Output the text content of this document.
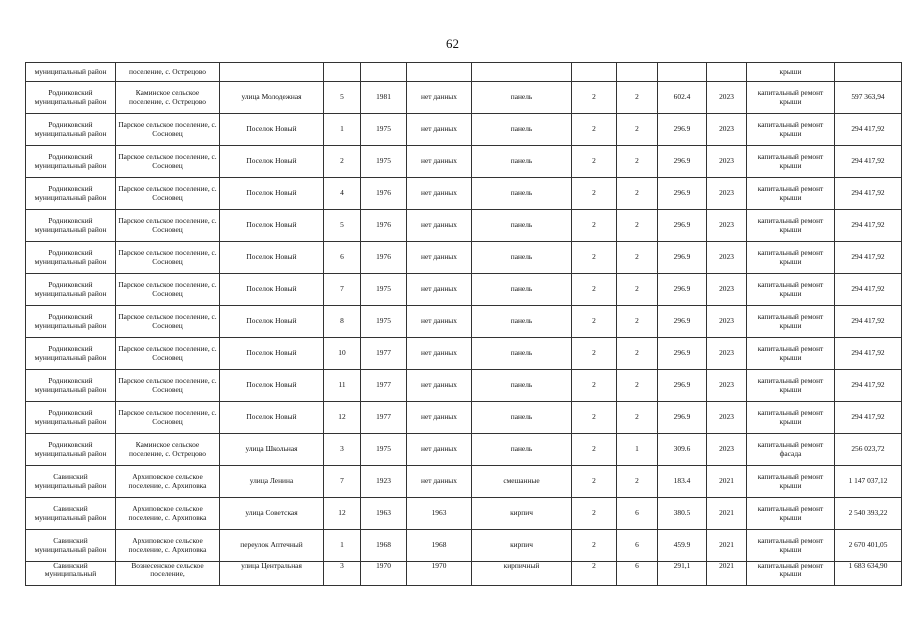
62
муниципальный район	поселение, с. Острецово										крыши	
Родниковский муниципальный район	Каминское сельское поселение, с. Острецово	улица Молодежная	5	1981	нет данных	панель	2	2	602.4	2023	капитальный ремонт крыши	597 363,94
Родниковский муниципальный район	Парское сельское поселение, с. Сосновец	Поселок Новый	1	1975	нет данных	панель	2	2	296.9	2023	капитальный ремонт крыши	294 417,92
Родниковский муниципальный район	Парское сельское поселение, с. Сосновец	Поселок Новый	2	1975	нет данных	панель	2	2	296.9	2023	капитальный ремонт крыши	294 417,92
Родниковский муниципальный район	Парское сельское поселение, с. Сосновец	Поселок Новый	4	1976	нет данных	панель	2	2	296.9	2023	капитальный ремонт крыши	294 417,92
Родниковский муниципальный район	Парское сельское поселение, с. Сосновец	Поселок Новый	5	1976	нет данных	панель	2	2	296.9	2023	капитальный ремонт крыши	294 417,92
Родниковский муниципальный район	Парское сельское поселение, с. Сосновец	Поселок Новый	6	1976	нет данных	панель	2	2	296.9	2023	капитальный ремонт крыши	294 417,92
Родниковский муниципальный район	Парское сельское поселение, с. Сосновец	Поселок Новый	7	1975	нет данных	панель	2	2	296.9	2023	капитальный ремонт крыши	294 417,92
Родниковский муниципальный район	Парское сельское поселение, с. Сосновец	Поселок Новый	8	1975	нет данных	панель	2	2	296.9	2023	капитальный ремонт крыши	294 417,92
Родниковский муниципальный район	Парское сельское поселение, с. Сосновец	Поселок Новый	10	1977	нет данных	панель	2	2	296.9	2023	капитальный ремонт крыши	294 417,92
Родниковский муниципальный район	Парское сельское поселение, с. Сосновец	Поселок Новый	11	1977	нет данных	панель	2	2	296.9	2023	капитальный ремонт крыши	294 417,92
Родниковский муниципальный район	Парское сельское поселение, с. Сосновец	Поселок Новый	12	1977	нет данных	панель	2	2	296.9	2023	капитальный ремонт крыши	294 417,92
Родниковский муниципальный район	Каминское сельское поселение, с. Острецово	улица Школьная	3	1975	нет данных	панель	2	1	309.6	2023	капитальный ремонт фасада	256 023,72
Савинский муниципальный район	Архиповское сельское поселение, с. Архиповка	улица Ленина	7	1923	нет данных	смешанные	2	2	183.4	2021	капитальный ремонт крыши	1 147 037,12
Савинский муниципальный район	Архиповское сельское поселение, с. Архиповка	улица Советская	12	1963	1963	кирпич	2	6	380.5	2021	капитальный ремонт крыши	2 540 393,22
Савинский муниципальный район	Архиповское сельское поселение, с. Архиповка	переулок Аптечный	1	1968	1968	кирпич	2	6	459.9	2021	капитальный ремонт крыши	2 670 401,05
Савинский муниципальный	Вознесенское сельское поселение,	улица Центральная	3	1970	1970	кирпичный	2	6	291,1	2021	капитальный ремонт крыши	1 683 634,90
